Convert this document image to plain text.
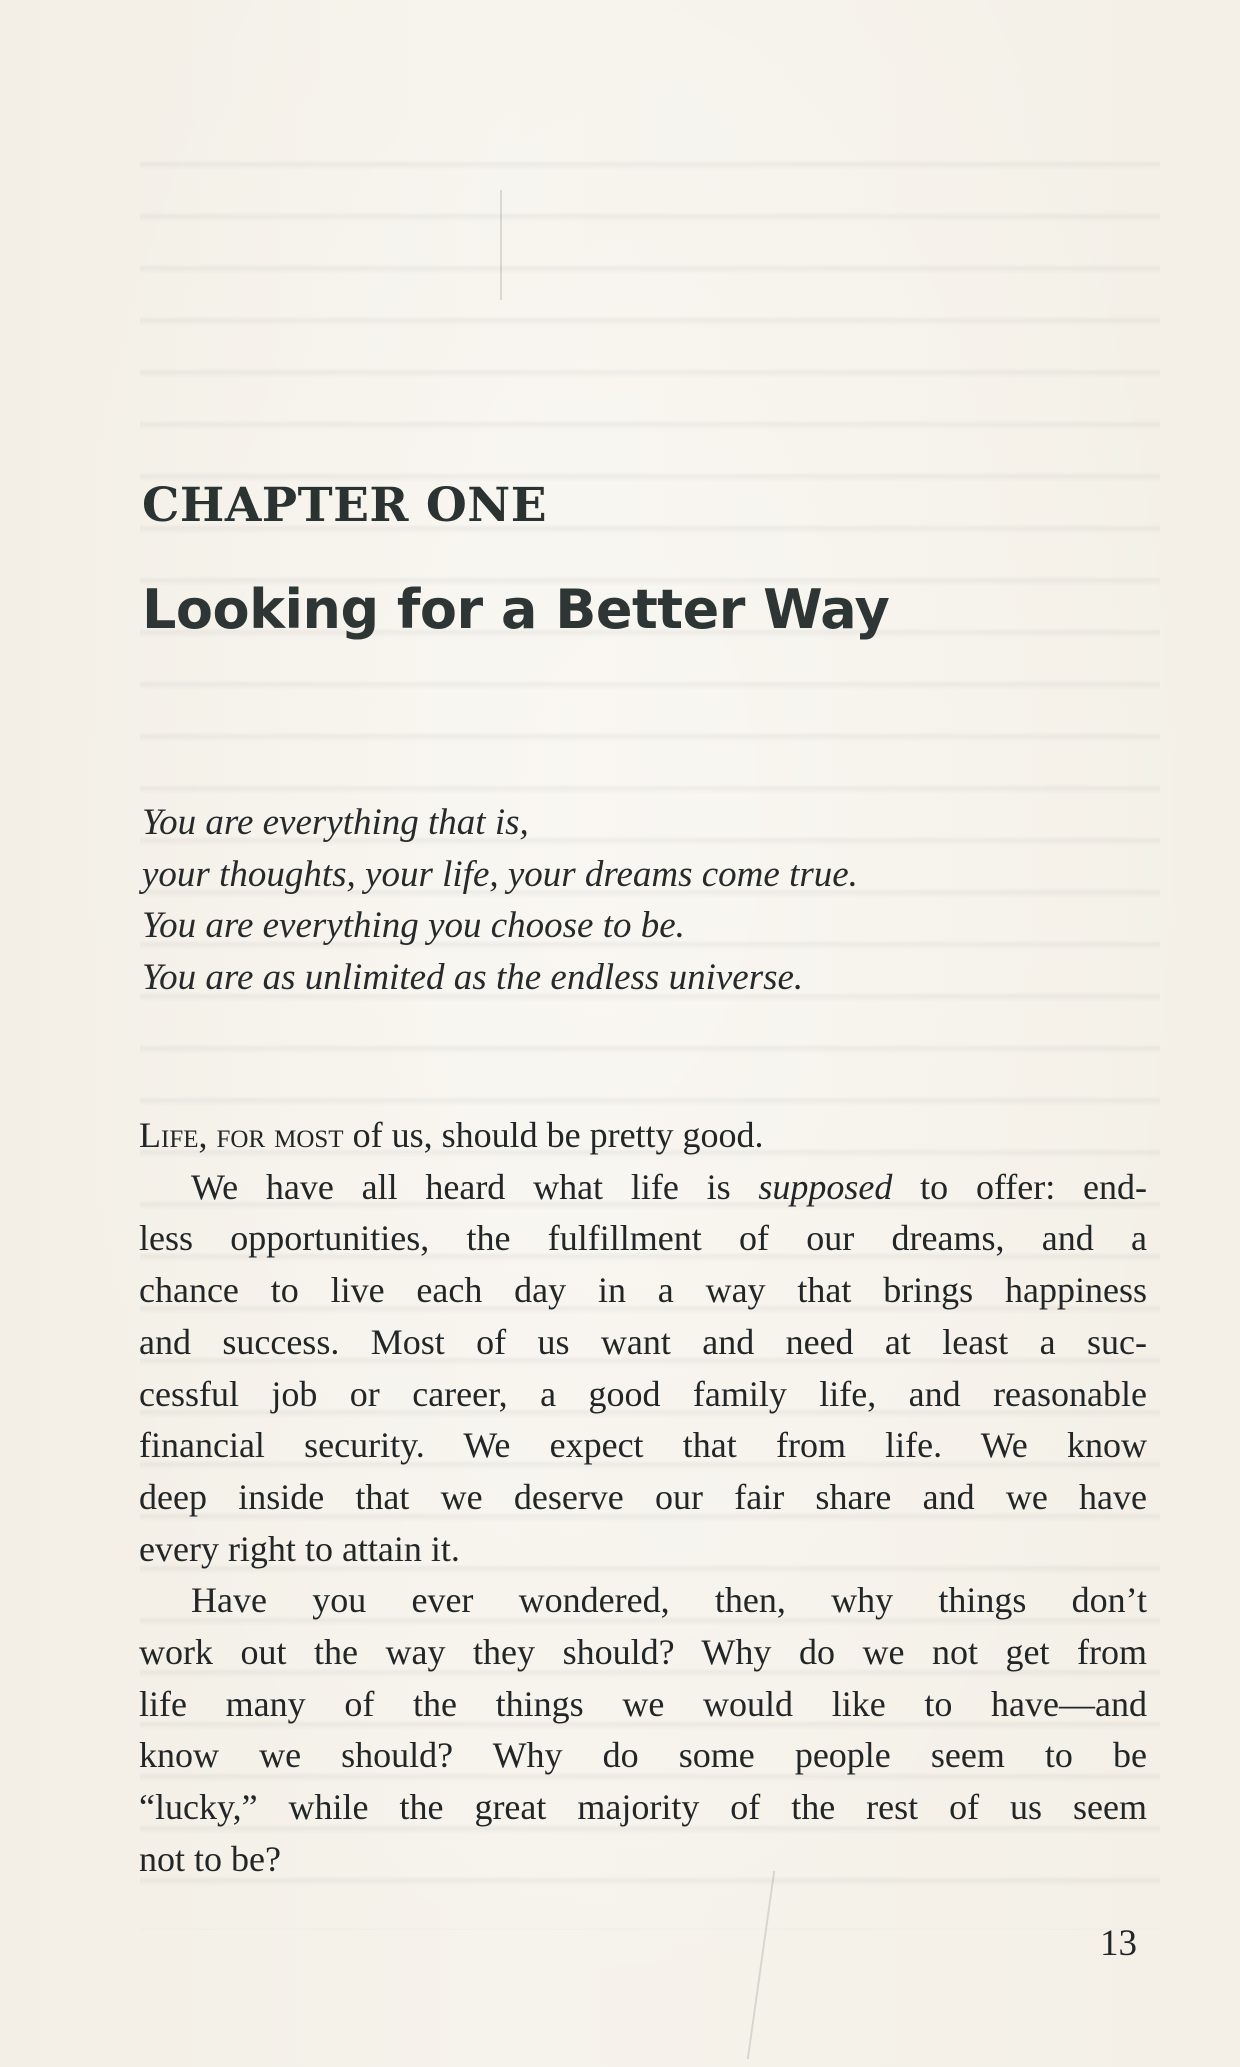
CHAPTER ONE
Looking for a Better Way
You are everything that is,
your thoughts, your life, your dreams come true.
You are everything you choose to be.
You are as unlimited as the endless universe.
Life, for most of us, should be pretty good.
We have all heard what life is supposed to offer: end-
less opportunities, the fulfillment of our dreams, and a
chance to live each day in a way that brings happiness
and success. Most of us want and need at least a suc-
cessful job or career, a good family life, and reasonable
financial security. We expect that from life. We know
deep inside that we deserve our fair share and we have
every right to attain it.
Have you ever wondered, then, why things don’t
work out the way they should? Why do we not get from
life many of the things we would like to have—and
know we should? Why do some people seem to be
“lucky,” while the great majority of the rest of us seem
not to be?
13
